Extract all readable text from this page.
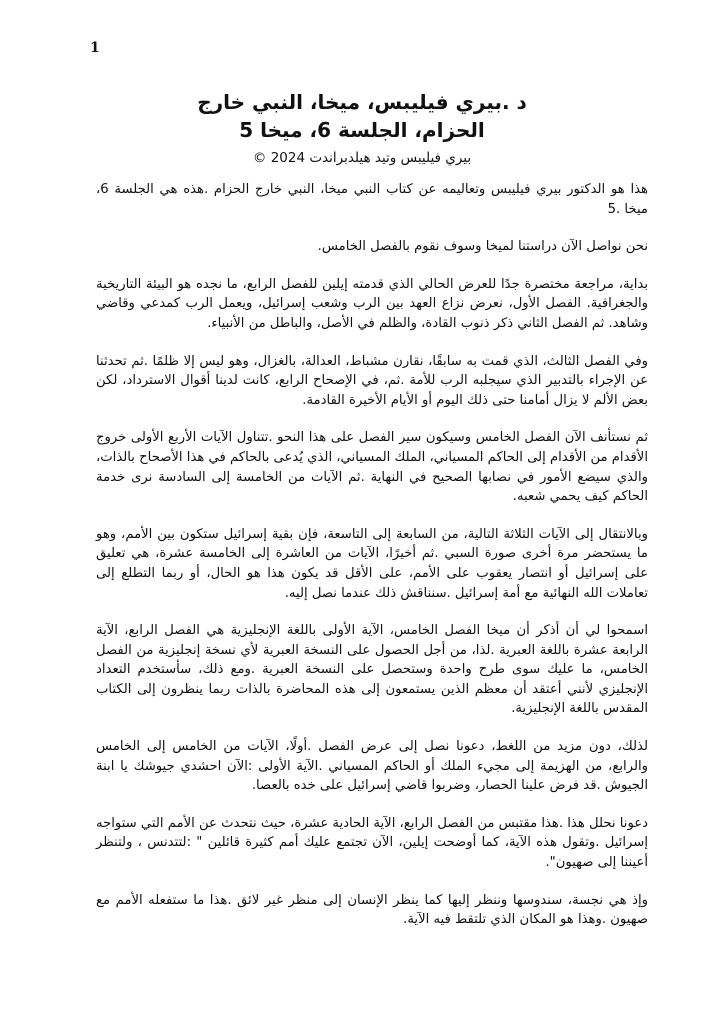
1
د .بيري فيليبس، ميخا، النبي خارج
الحزام، الجلسة 6، ميخا 5
بيري فيليبس وتيد هيلدبراندت 2024 ©

هذا هو الدكتور بيري فيليبس وتعاليمه عن كتاب النبي ميخا، النبي خارج الحزام .هذه هي الجلسة 6، ميخا .5

نحن نواصل الآن دراستنا لميخا وسوف نقوم بالفصل الخامس.

بداية، مراجعة مختصرة جدًا للعرض الحالي الذي قدمته إيلين للفصل الرابع، ما نجده هو البيئة التاريخية والجغرافية. الفصل الأول، نعرض نزاع العهد بين الرب وشعب إسرائيل، ويعمل الرب كمدعي وقاضي وشاهد. ثم الفصل الثاني ذكر ذنوب القادة، والظلم في الأصل، والباطل من الأنبياء.

وفي الفصل الثالث، الذي قمت به سابقًا، نقارن مشباط، العدالة، بالغزال، وهو ليس إلا ظلمًا .ثم تحدثنا عن الإجراء بالتدبير الذي سيجلبه الرب للأمة .ثم، في الإصحاح الرابع، كانت لدينا أقوال الاسترداد، لكن بعض الألم لا يزال أمامنا حتى ذلك اليوم أو الأيام الأخيرة القادمة.

ثم نستأنف الآن الفصل الخامس وسيكون سير الفصل على هذا النحو .تتناول الآيات الأربع الأولى خروج الأقدام من الأقدام إلى الحاكم المسياني، الملك المسياني، الذي يُدعى بالحاكم في هذا الأصحاح بالذات، والذي سيضع الأمور في نصابها الصحيح في النهاية .ثم الآيات من الخامسة إلى السادسة نرى خدمة الحاكم كيف يحمي شعبه.

وبالانتقال إلى الآيات الثلاثة التالية، من السابعة إلى التاسعة، فإن بقية إسرائيل ستكون بين الأمم، وهو ما يستحضر مرة أخرى صورة السبي .ثم أخيرًا، الآيات من العاشرة إلى الخامسة عشرة، هي تعليق على إسرائيل أو انتصار يعقوب على الأمم، على الأقل قد يكون هذا هو الحال، أو ربما التطلع إلى تعاملات الله النهائية مع أمة إسرائيل .سنناقش ذلك عندما نصل إليه.

اسمحوا لي أن أذكر أن ميخا الفصل الخامس، الآية الأولى باللغة الإنجليزية هي الفصل الرابع، الآية الرابعة عشرة باللغة العبرية .لذا، من أجل الحصول على النسخة العبرية لأي نسخة إنجليزية من الفصل الخامس، ما عليك سوى طرح واحدة وستحصل على النسخة العبرية .ومع ذلك، سأستخدم التعداد الإنجليزي لأنني أعتقد أن معظم الذين يستمعون إلى هذه المحاضرة بالذات ربما ينظرون إلى الكتاب المقدس باللغة الإنجليزية.

لذلك، دون مزيد من اللغط، دعونا نصل إلى عرض الفصل .أولًا، الآيات من الخامس إلى الخامس والرابع، من الهزيمة إلى مجيء الملك أو الحاكم المسياني .الآية الأولى :الآن احشدي جيوشك يا ابنة الجيوش .قد فرض علينا الحصار، وضربوا قاضي إسرائيل على خده بالعصا.

دعونا نحلل هذا .هذا مقتبس من الفصل الرابع، الآية الحادية عشرة، حيث نتحدث عن الأمم التي ستواجه إسرائيل .وتقول هذه الآية، كما أوضحت إيلين، الآن تجتمع عليك أمم كثيرة قائلين " :لتتدنس ، ولتنظر أعيننا إلى صهيون".

وإذ هي نجسة، سندوسها وننظر إليها كما ينظر الإنسان إلى منظر غير لائق .هذا ما ستفعله الأمم مع صهيون .وهذا هو المكان الذي تلتقط فيه الآية.
